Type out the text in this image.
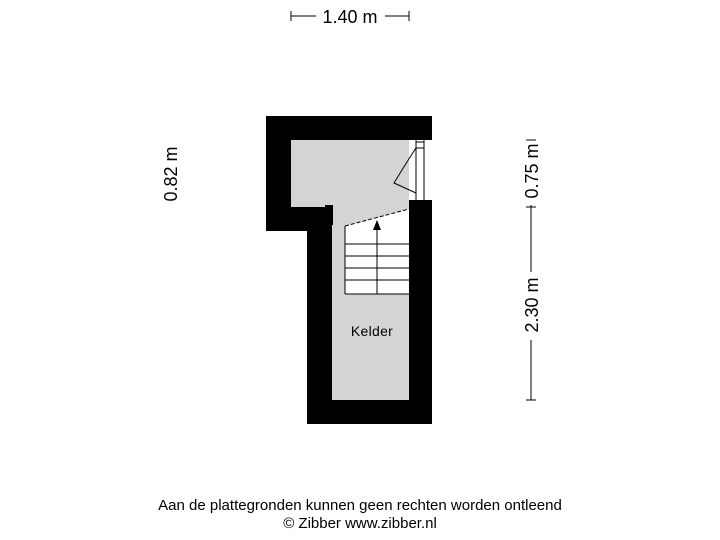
Kelder
1.40 m
0.82 m	0.75 m
2.30 m
Aan de plattegronden kunnen geen rechten worden ontleend
© Zibber www.zibber.nl
